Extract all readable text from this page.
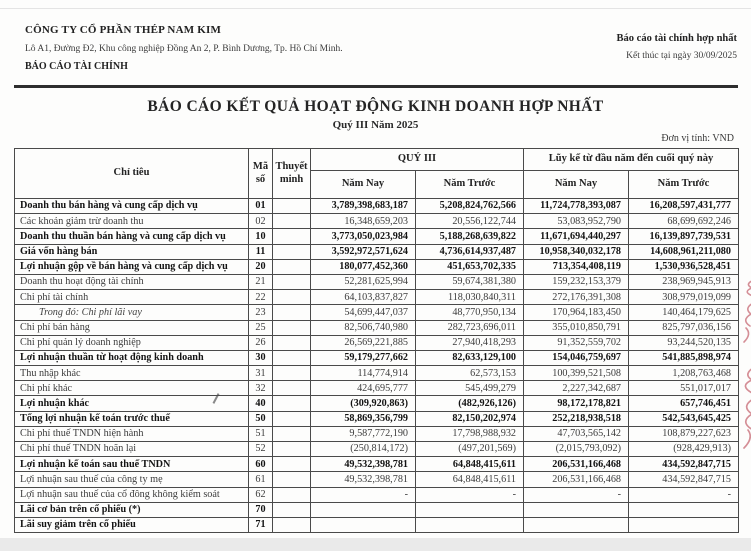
CÔNG TY CỔ PHẦN THÉP NAM KIM
Lô A1, Đường Đ2, Khu công nghiệp Đồng An 2, P. Bình Dương, Tp. Hồ Chí Minh.
BÁO CÁO TÀI CHÍNH
Báo cáo tài chính hợp nhất
Kết thúc tại ngày 30/09/2025
BÁO CÁO KẾT QUẢ HOẠT ĐỘNG KINH DOANH HỢP NHẤT
Quý III Năm 2025
Đơn vị tính: VND
Chỉ tiêu	Mã số	Thuyết minh	QUÝ III		Lũy kế từ đầu năm đến cuối quý này	
			Năm Nay	Năm Trước	Năm Nay	Năm Trước
Doanh thu bán hàng và cung cấp dịch vụ	01		3,789,398,683,187	5,208,824,762,566	11,724,778,393,087	16,208,597,431,777
Các khoản giảm trừ doanh thu	02		16,348,659,203	20,556,122,744	53,083,952,790	68,699,692,246
Doanh thu thuần bán hàng và cung cấp dịch vụ	10		3,773,050,023,984	5,188,268,639,822	11,671,694,440,297	16,139,897,739,531
Giá vốn hàng bán	11		3,592,972,571,624	4,736,614,937,487	10,958,340,032,178	14,608,961,211,080
Lợi nhuận gộp về bán hàng và cung cấp dịch vụ	20		180,077,452,360	451,653,702,335	713,354,408,119	1,530,936,528,451
Doanh thu hoạt động tài chính	21		52,281,625,994	59,674,381,380	159,232,153,379	238,969,945,913
Chi phí tài chính	22		64,103,837,827	118,030,840,311	272,176,391,308	308,979,019,099
Trong đó: Chi phí lãi vay	23		54,699,447,037	48,770,950,134	170,964,183,450	140,464,179,625
Chi phí bán hàng	25		82,506,740,980	282,723,696,011	355,010,850,791	825,797,036,156
Chi phí quản lý doanh nghiệp	26		26,569,221,885	27,940,418,293	91,352,559,702	93,244,520,135
Lợi nhuận thuần từ hoạt động kinh doanh	30		59,179,277,662	82,633,129,100	154,046,759,697	541,885,898,974
Thu nhập khác	31		114,774,914	62,573,153	100,399,521,508	1,208,763,468
Chi phí khác	32		424,695,777	545,499,279	2,227,342,687	551,017,017
Lợi nhuận khác	40		(309,920,863)	(482,926,126)	98,172,178,821	657,746,451
Tổng lợi nhuận kế toán trước thuế	50		58,869,356,799	82,150,202,974	252,218,938,518	542,543,645,425
Chi phí thuế TNDN hiện hành	51		9,587,772,190	17,798,988,932	47,703,565,142	108,879,227,623
Chi phí thuế TNDN hoãn lại	52		(250,814,172)	(497,201,569)	(2,015,793,092)	(928,429,913)
Lợi nhuận kế toán sau thuế TNDN	60		49,532,398,781	64,848,415,611	206,531,166,468	434,592,847,715
Lợi nhuận sau thuế của công ty mẹ	61		49,532,398,781	64,848,415,611	206,531,166,468	434,592,847,715
Lợi nhuận sau thuế của cổ đông không kiểm soát	62		-	-	-	-
Lãi cơ bản trên cổ phiếu (*)	70					
Lãi suy giảm trên cổ phiếu	71					
